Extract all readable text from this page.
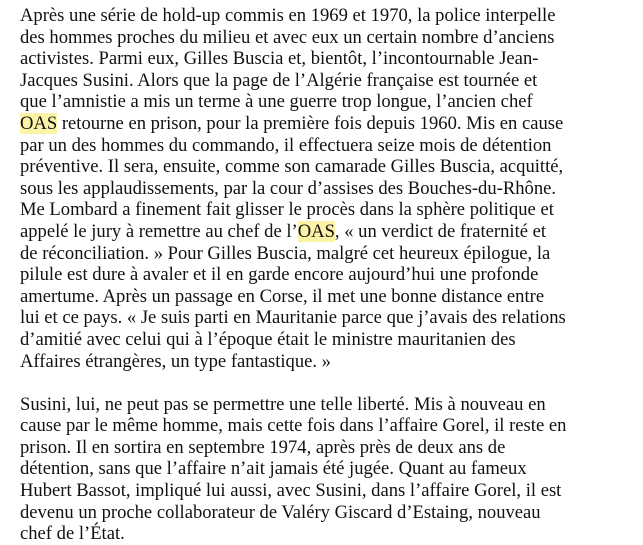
Après une série de hold-up commis en 1969 et 1970, la police interpelle
des hommes proches du milieu et avec eux un certain nombre d’anciens
activistes. Parmi eux, Gilles Buscia et, bientôt, l’incontournable Jean-
Jacques Susini. Alors que la page de l’Algérie française est tournée et
que l’amnistie a mis un terme à une guerre trop longue, l’ancien chef
OAS retourne en prison, pour la première fois depuis 1960. Mis en cause
par un des hommes du commando, il effectuera seize mois de détention
préventive. Il sera, ensuite, comme son camarade Gilles Buscia, acquitté,
sous les applaudissements, par la cour d’assises des Bouches-du-Rhône.
Me Lombard a finement fait glisser le procès dans la sphère politique et
appelé le jury à remettre au chef de l’OAS, « un verdict de fraternité et
de réconciliation. » Pour Gilles Buscia, malgré cet heureux épilogue, la
pilule est dure à avaler et il en garde encore aujourd’hui une profonde
amertume. Après un passage en Corse, il met une bonne distance entre
lui et ce pays. « Je suis parti en Mauritanie parce que j’avais des relations
d’amitié avec celui qui à l’époque était le ministre mauritanien des
Affaires étrangères, un type fantastique. »
Susini, lui, ne peut pas se permettre une telle liberté. Mis à nouveau en
cause par le même homme, mais cette fois dans l’affaire Gorel, il reste en
prison. Il en sortira en septembre 1974, après près de deux ans de
détention, sans que l’affaire n’ait jamais été jugée. Quant au fameux
Hubert Bassot, impliqué lui aussi, avec Susini, dans l’affaire Gorel, il est
devenu un proche collaborateur de Valéry Giscard d’Estaing, nouveau
chef de l’État.
